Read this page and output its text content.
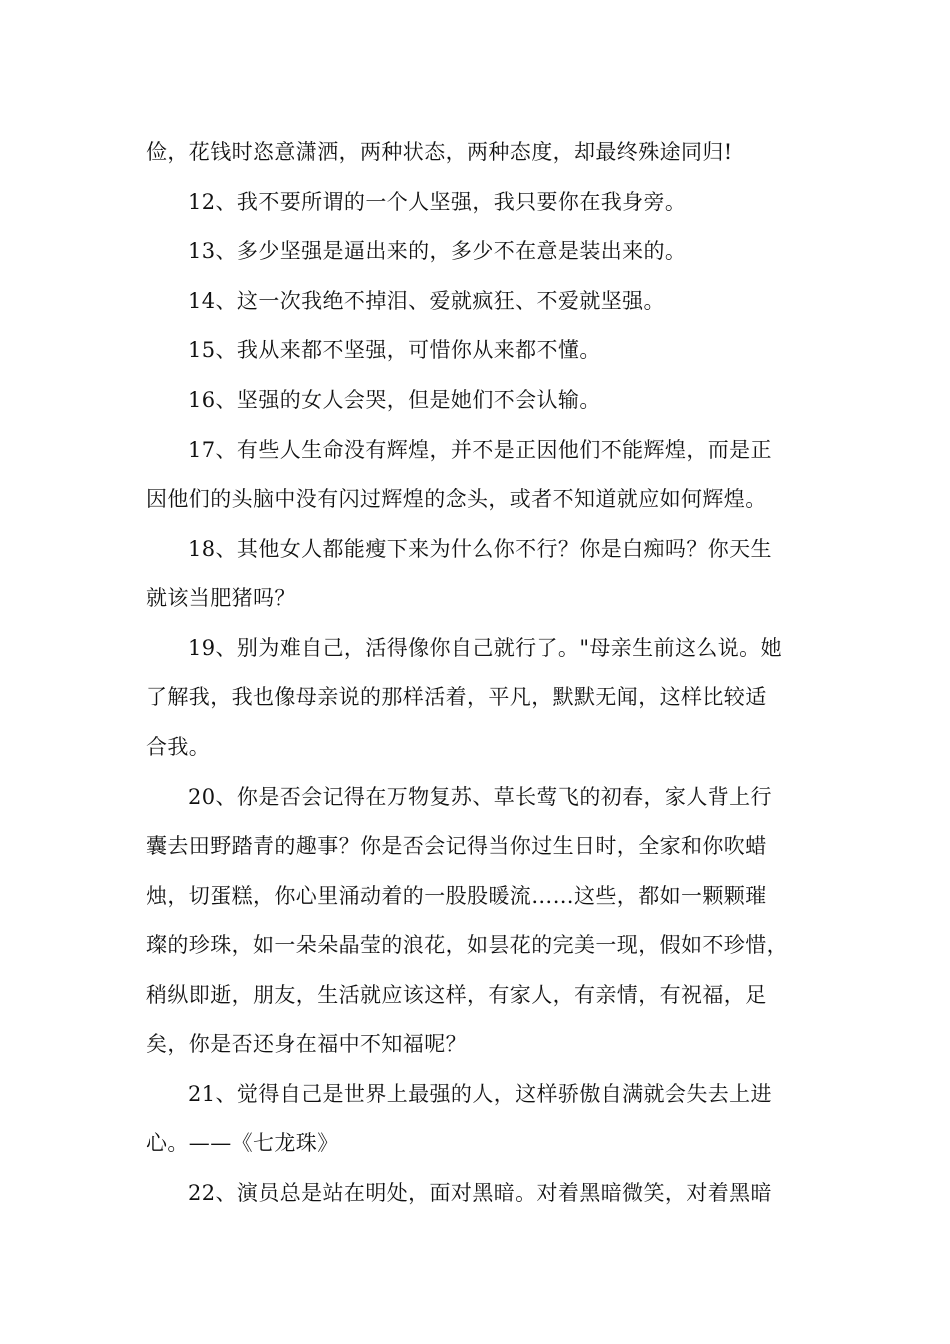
俭，花钱时恣意潇洒，两种状态，两种态度，却最终殊途同归!
12、我不要所谓的一个人坚强，我只要你在我身旁。
13、多少坚强是逼出来的，多少不在意是装出来的。
14、这一次我绝不掉泪、爱就疯狂、不爱就坚强。
15、我从来都不坚强，可惜你从来都不懂。
16、坚强的女人会哭，但是她们不会认输。
17、有些人生命没有辉煌，并不是正因他们不能辉煌，而是正
因他们的头脑中没有闪过辉煌的念头，或者不知道就应如何辉煌。
18、其他女人都能瘦下来为什么你不行？你是白痴吗？你天生
就该当肥猪吗？
19、别为难自己，活得像你自己就行了。"母亲生前这么说。她
了解我，我也像母亲说的那样活着，平凡，默默无闻，这样比较适
合我。
20、你是否会记得在万物复苏、草长莺飞的初春，家人背上行
囊去田野踏青的趣事？你是否会记得当你过生日时，全家和你吹蜡
烛，切蛋糕，你心里涌动着的一股股暖流……这些，都如一颗颗璀
璨的珍珠，如一朵朵晶莹的浪花，如昙花的完美一现，假如不珍惜，
稍纵即逝，朋友，生活就应该这样，有家人，有亲情，有祝福，足
矣，你是否还身在福中不知福呢？
21、觉得自己是世界上最强的人，这样骄傲自满就会失去上进
心。——《七龙珠》
22、演员总是站在明处，面对黑暗。对着黑暗微笑，对着黑暗
